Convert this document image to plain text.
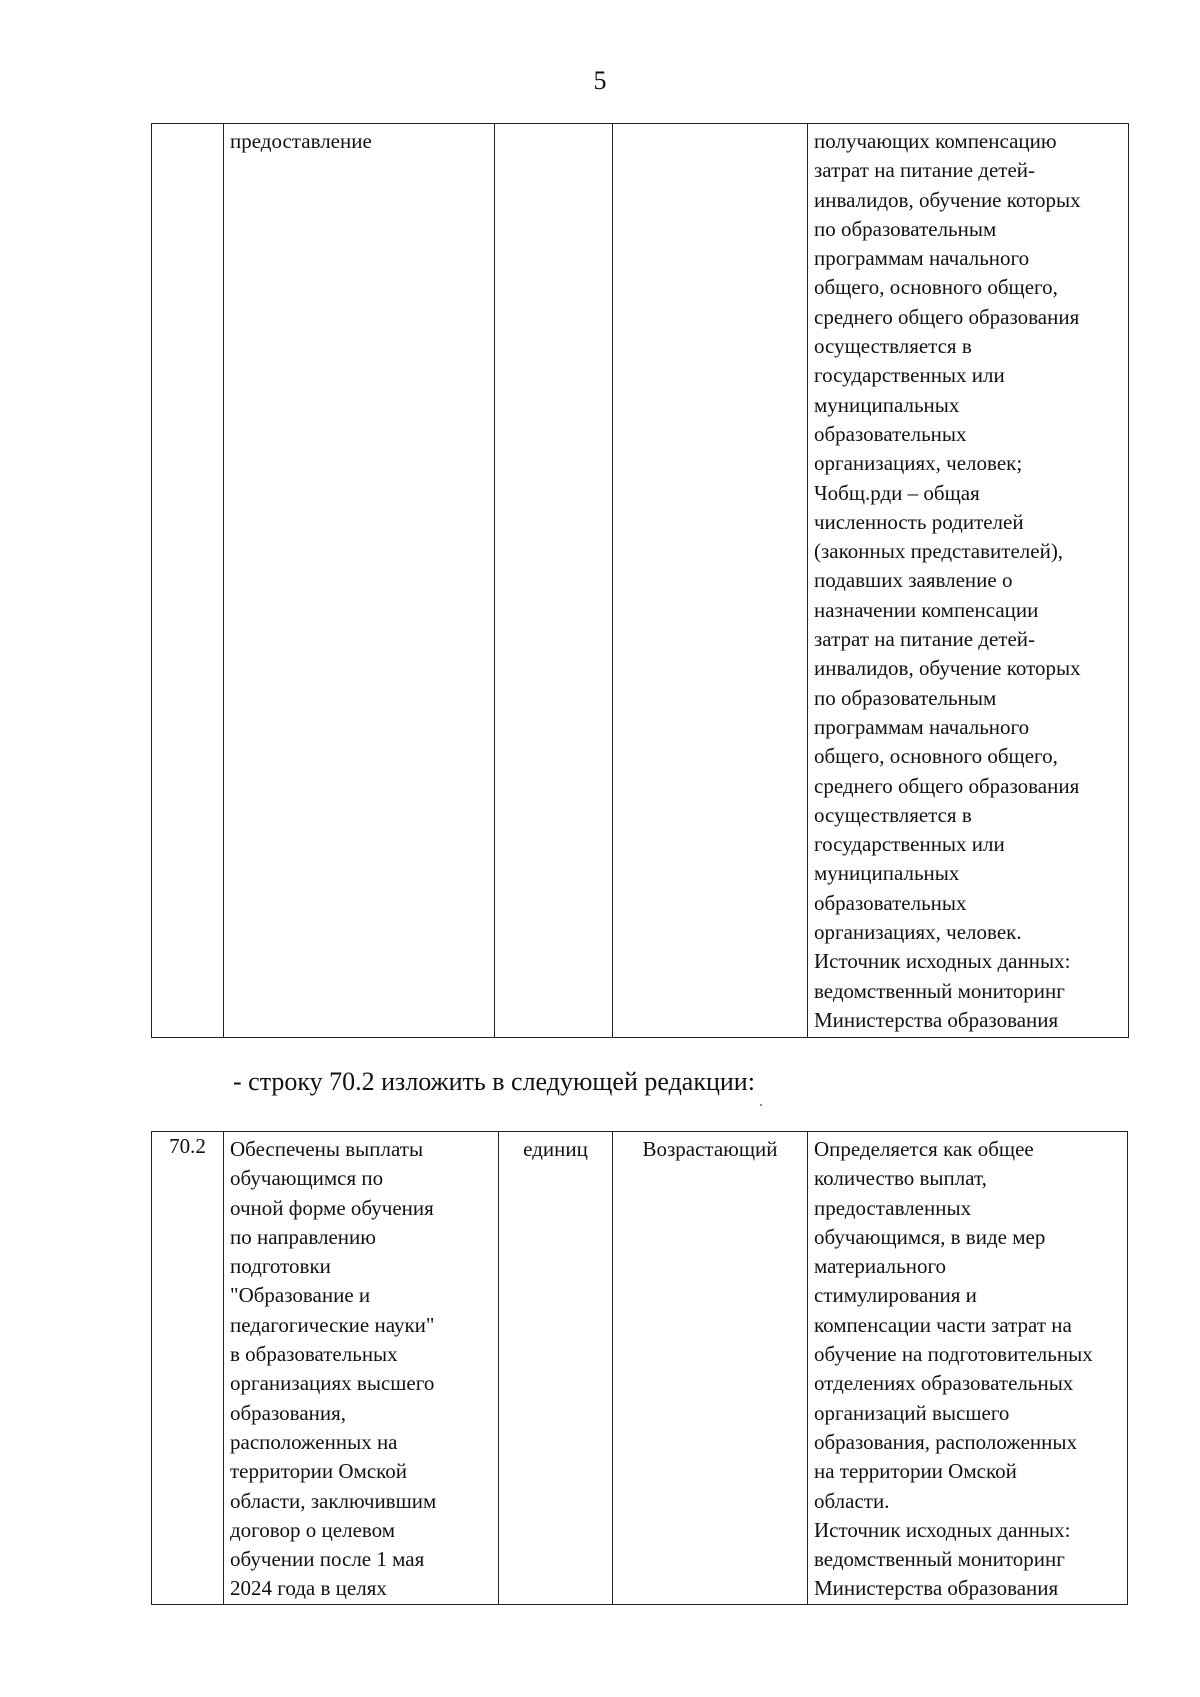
5
	предоставление			получающих компенсацию
затрат на питание детей-
инвалидов, обучение которых
по образовательным
программам начального
общего, основного общего,
среднего общего образования
осуществляется в
государственных или
муниципальных
образовательных
организациях, человек;
Чобщ.рди – общая
численность родителей
(законных представителей),
подавших заявление о
назначении компенсации
затрат на питание детей-
инвалидов, обучение которых
по образовательным
программам начального
общего, основного общего,
среднего общего образования
осуществляется в
государственных или
муниципальных
образовательных
организациях, человек.
Источник исходных данных:
ведомственный мониторинг
Министерства образования
- строку 70.2 изложить в следующей редакции:
70.2	Обеспечены выплаты
обучающимся по
очной форме обучения
по направлению
подготовки
"Образование и
педагогические науки"
в образовательных
организациях высшего
образования,
расположенных на
территории Омской
области, заключившим
договор о целевом
обучении после 1 мая
2024 года в целях	единиц	Возрастающий	Определяется как общее
количество выплат,
предоставленных
обучающимся, в виде мер
материального
стимулирования и
компенсации части затрат на
обучение на подготовительных
отделениях образовательных
организаций высшего
образования, расположенных
на территории Омской
области.
Источник исходных данных:
ведомственный мониторинг
Министерства образования
